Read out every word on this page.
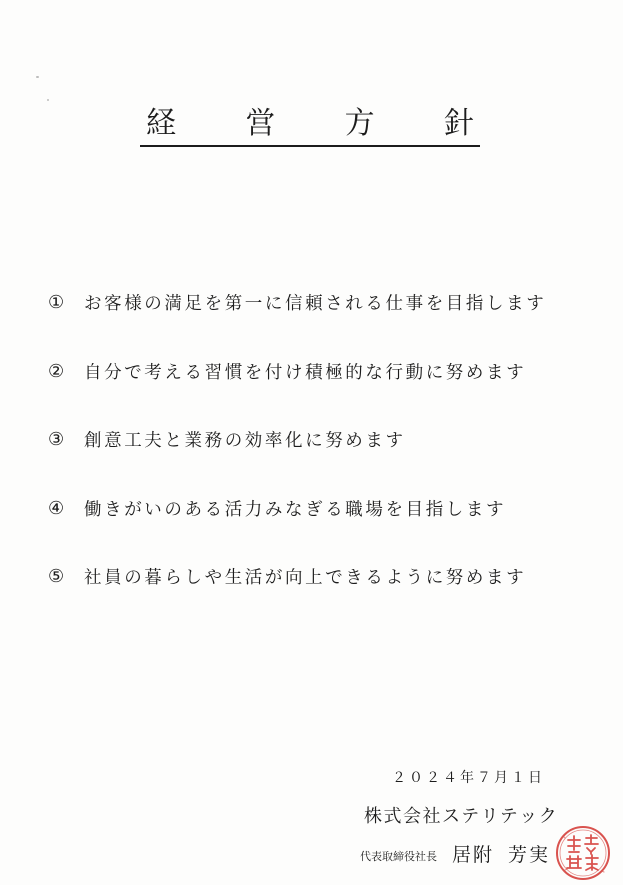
経 営 方 針
①	お客様の満足を第一に信頼される仕事を目指します
②	自分で考える習慣を付け積極的な行動に努めます
③	創意工夫と業務の効率化に努めます
④	働きがいのある活力みなぎる職場を目指します
⑤	社員の暮らしや生活が向上できるように努めます
２０２４年７月１日
株式会社ステリテック
代表取締役社長 居附 芳実
